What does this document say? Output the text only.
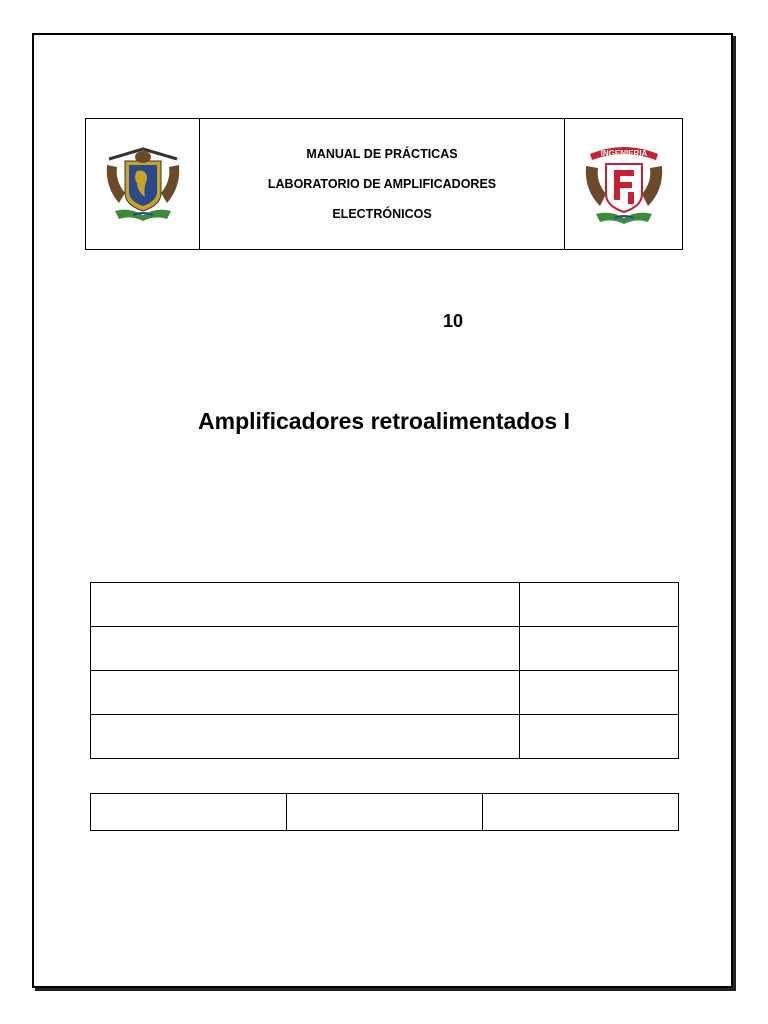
MANUAL DE PRÁCTICAS
LABORATORIO DE AMPLIFICADORES
ELECTRÓNICOS
INGENIERIA
10
Amplificadores retroalimentados I
